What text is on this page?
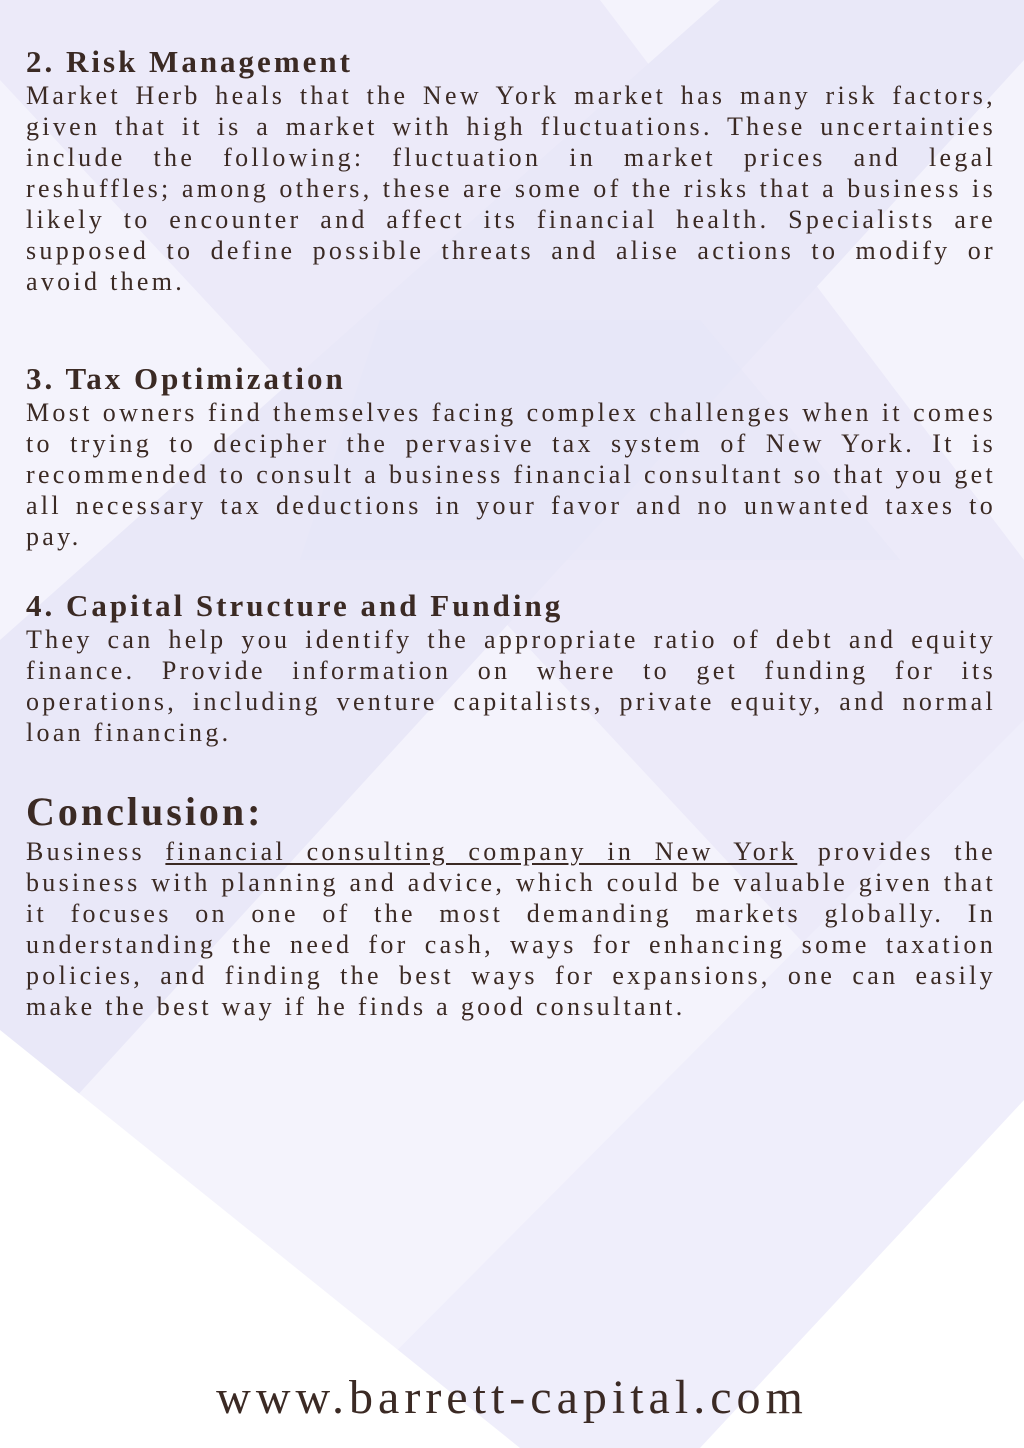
2. Risk Management

Market Herb heals that the New York market has many risk factors, given that it is a market with high fluctuations. These uncertainties include the following: fluctuation in market prices and legal reshuffles; among others, these are some of the risks that a business is likely to encounter and affect its financial health. Specialists are supposed to define possible threats and alise actions to modify or avoid them.

3. Tax Optimization

Most owners find themselves facing complex challenges when it comes to trying to decipher the pervasive tax system of New York. It is recommended to consult a business financial consultant so that you get all necessary tax deductions in your favor and no unwanted taxes to pay.

4. Capital Structure and Funding

They can help you identify the appropriate ratio of debt and equity finance. Provide information on where to get funding for its operations, including venture capitalists, private equity, and normal loan financing.

Conclusion:

Business financial consulting company in New York provides the business with planning and advice, which could be valuable given that it focuses on one of the most demanding markets globally. In understanding the need for cash, ways for enhancing some taxation policies, and finding the best ways for expansions, one can easily make the best way if he finds a good consultant.

www.barrett-capital.com
